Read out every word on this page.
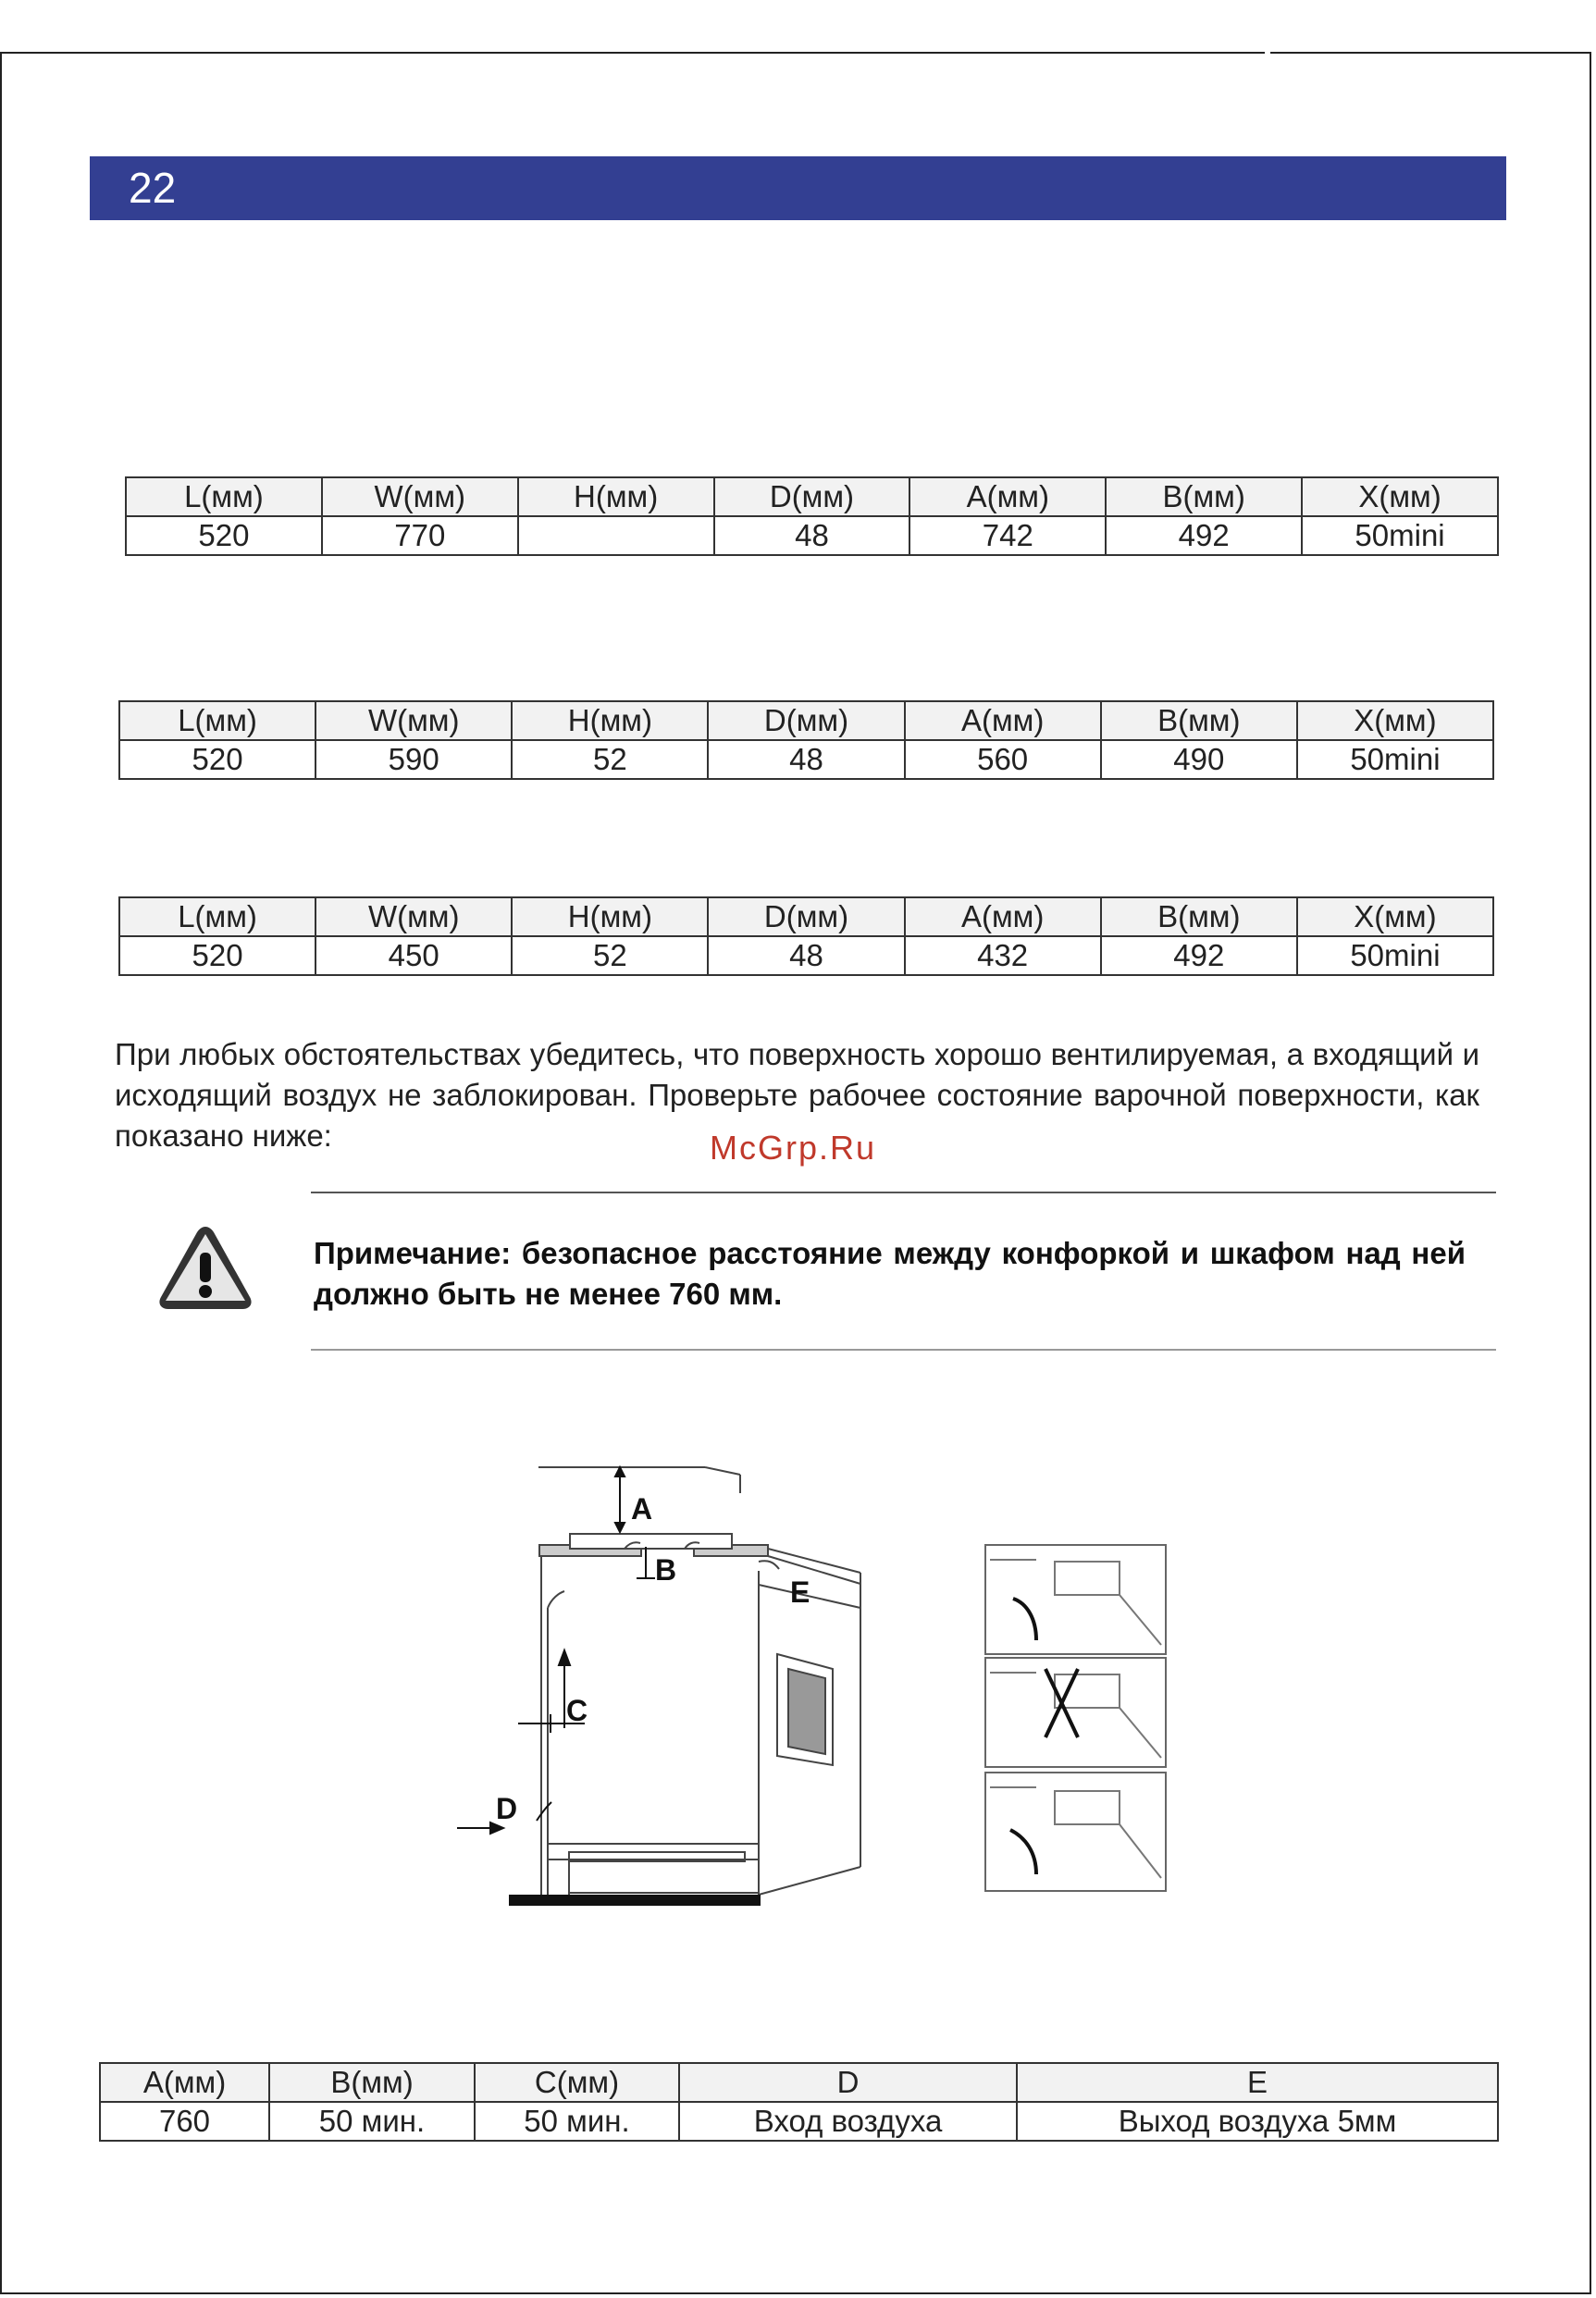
22
L(мм)	W(мм)	H(мм)	D(мм)	A(мм)	B(мм)	X(мм)
520	770		48	742	492	50mini
L(мм)	W(мм)	H(мм)	D(мм)	A(мм)	B(мм)	X(мм)
520	590	52	48	560	490	50mini
L(мм)	W(мм)	H(мм)	D(мм)	A(мм)	B(мм)	X(мм)
520	450	52	48	432	492	50mini
При любых обстоятельствах убедитесь, что поверхность хорошо вентилируемая, а входящий и исходящий воздух не заблокирован. Проверьте рабочее состояние варочной поверхности, как показано ниже:	McGrp.Ru
Примечание: безопасное расстояние между конфоркой и шкафом над ней должно быть не менее 760 мм.
A
B
C
D
E
A(мм)	B(мм)	C(мм)	D	E
760	50 мин.	50 мин.	Вход воздуха	Выход воздуха 5мм
